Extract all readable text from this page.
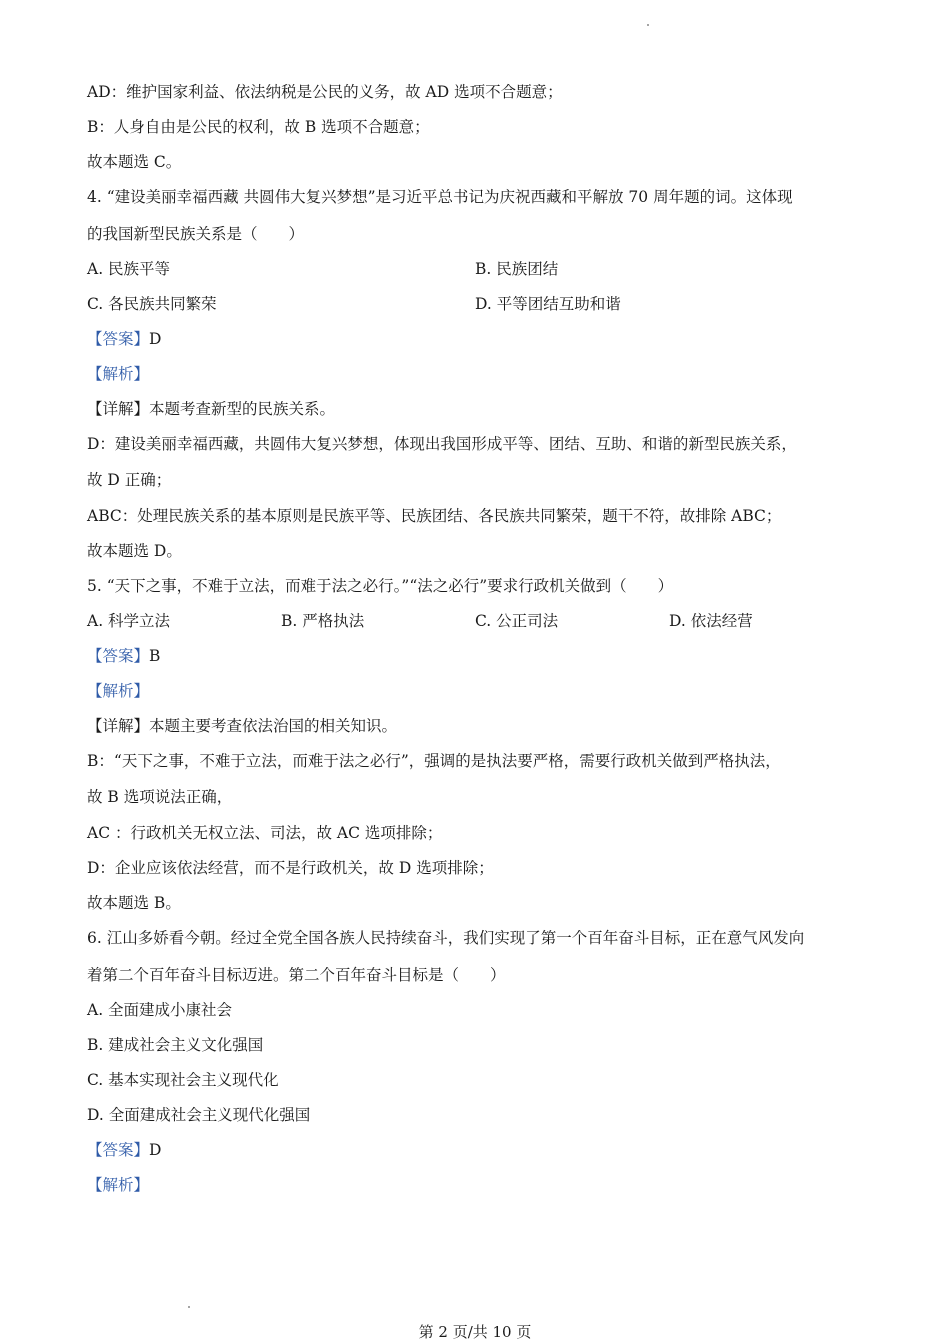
AD：维护国家利益、依法纳税是公民的义务，故 AD 选项不合题意；
B：人身自由是公民的权利，故 B 选项不合题意；
故本题选 C。
4. “建设美丽幸福西藏 共圆伟大复兴梦想”是习近平总书记为庆祝西藏和平解放 70 周年题的词。这体现
的我国新型民族关系是（　　）
A. 民族平等	B. 民族团结
C. 各民族共同繁荣	D. 平等团结互助和谐
【答案】D
【解析】
【详解】本题考查新型的民族关系。
D：建设美丽幸福西藏，共圆伟大复兴梦想，体现出我国形成平等、团结、互助、和谐的新型民族关系，
故 D 正确；
ABC：处理民族关系的基本原则是民族平等、民族团结、各民族共同繁荣，题干不符，故排除 ABC；
故本题选 D。
5. “天下之事，不难于立法，而难于法之必行。”“法之必行”要求行政机关做到（　　）
A. 科学立法	B. 严格执法	C. 公正司法	D. 依法经营
【答案】B
【解析】
【详解】本题主要考查依法治国的相关知识。
B：“天下之事，不难于立法，而难于法之必行”，强调的是执法要严格，需要行政机关做到严格执法，
故 B 选项说法正确，
AC ：行政机关无权立法、司法，故 AC 选项排除；
D：企业应该依法经营，而不是行政机关，故 D 选项排除；
故本题选 B。
6. 江山多娇看今朝。经过全党全国各族人民持续奋斗，我们实现了第一个百年奋斗目标，正在意气风发向
着第二个百年奋斗目标迈进。第二个百年奋斗目标是（　　）
A. 全面建成小康社会
B. 建成社会主义文化强国
C. 基本实现社会主义现代化
D. 全面建成社会主义现代化强国
【答案】D
【解析】
第 2 页/共 10 页
